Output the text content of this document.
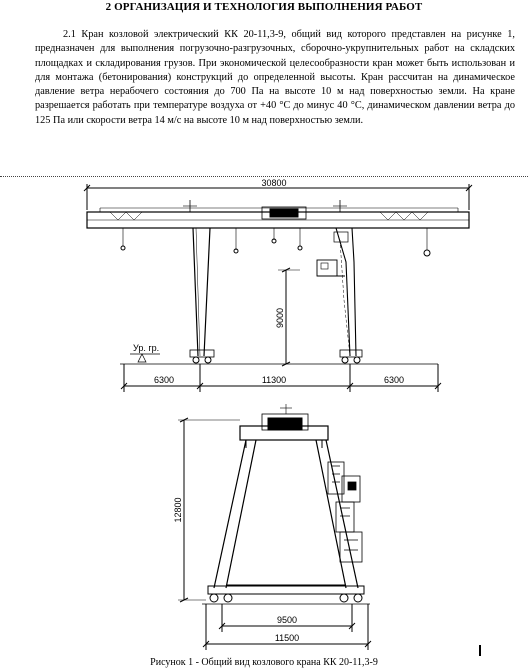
2 ОРГАНИЗАЦИЯ И ТЕХНОЛОГИЯ ВЫПОЛНЕНИЯ РАБОТ

2.1 Кран козловой электрический КК 20-11,3-9, общий вид которого представлен на рисунке 1, предназначен для выполнения погрузочно-разгрузочных, сборочно-укрупнительных работ на складских площадках и складирования грузов. При экономической целесообразности кран может быть использован и для монтажа (бетонирования) конструкций до определенной высоты. Кран рассчитан на динамическое давление ветра нерабочего состояния до 700 Па на высоте 10 м над поверхностью земли. На кране разрешается работать при температуре воздуха от +40 °С до минус 40 °С, динамическом давлении ветра до 125 Па или скорости ветра 14 м/с на высоте 10 м над поверхностью земли.

30800
9000
Ур. гр.
6300	11300	6300
12800
9500
11500
Рисунок 1 - Общий вид козлового крана КК 20-11,3-9
